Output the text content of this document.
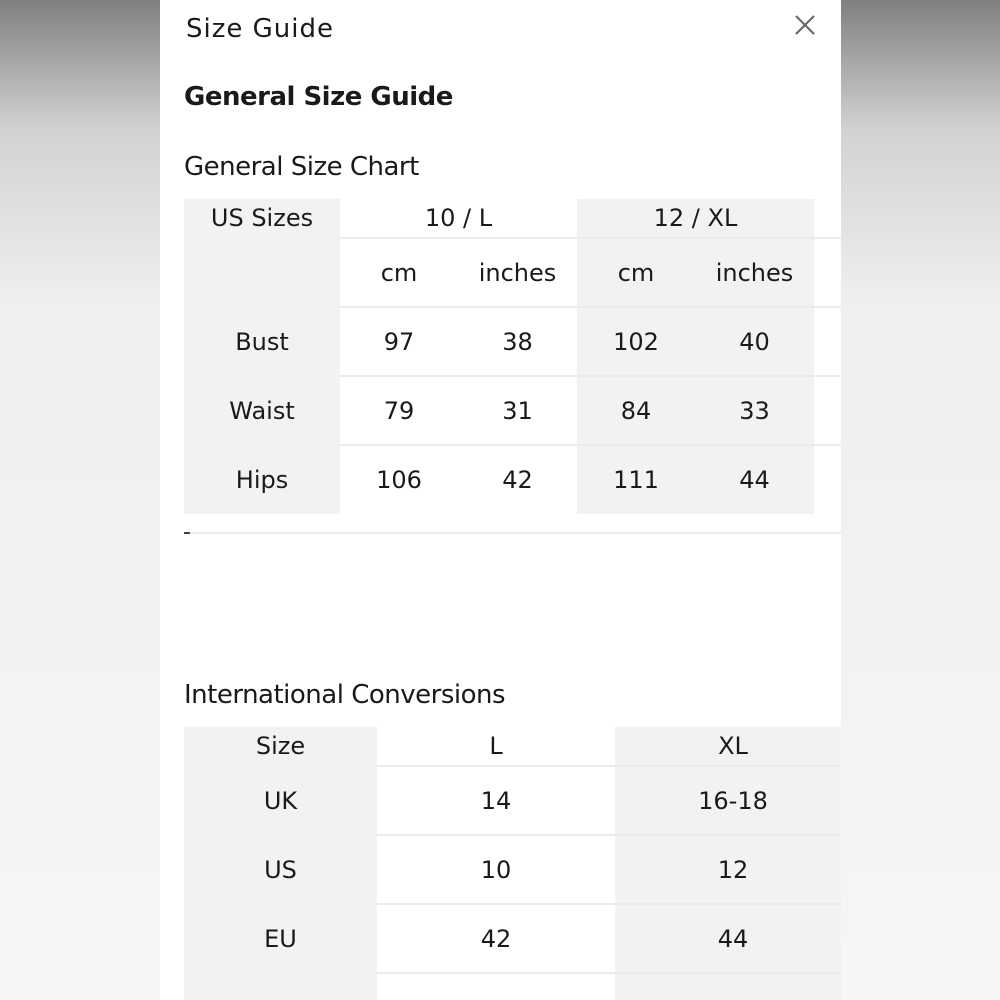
Size Guide
General Size Guide
General Size Chart
US Sizes	10 / L	12 / XL
cm	inches	cm	inches
Bust	97	38	102	40
Waist	79	31	84	33
Hips	106	42	111	44
International Conversions
Size	L	XL
UK	14	16-18
US	10	12
EU	42	44
